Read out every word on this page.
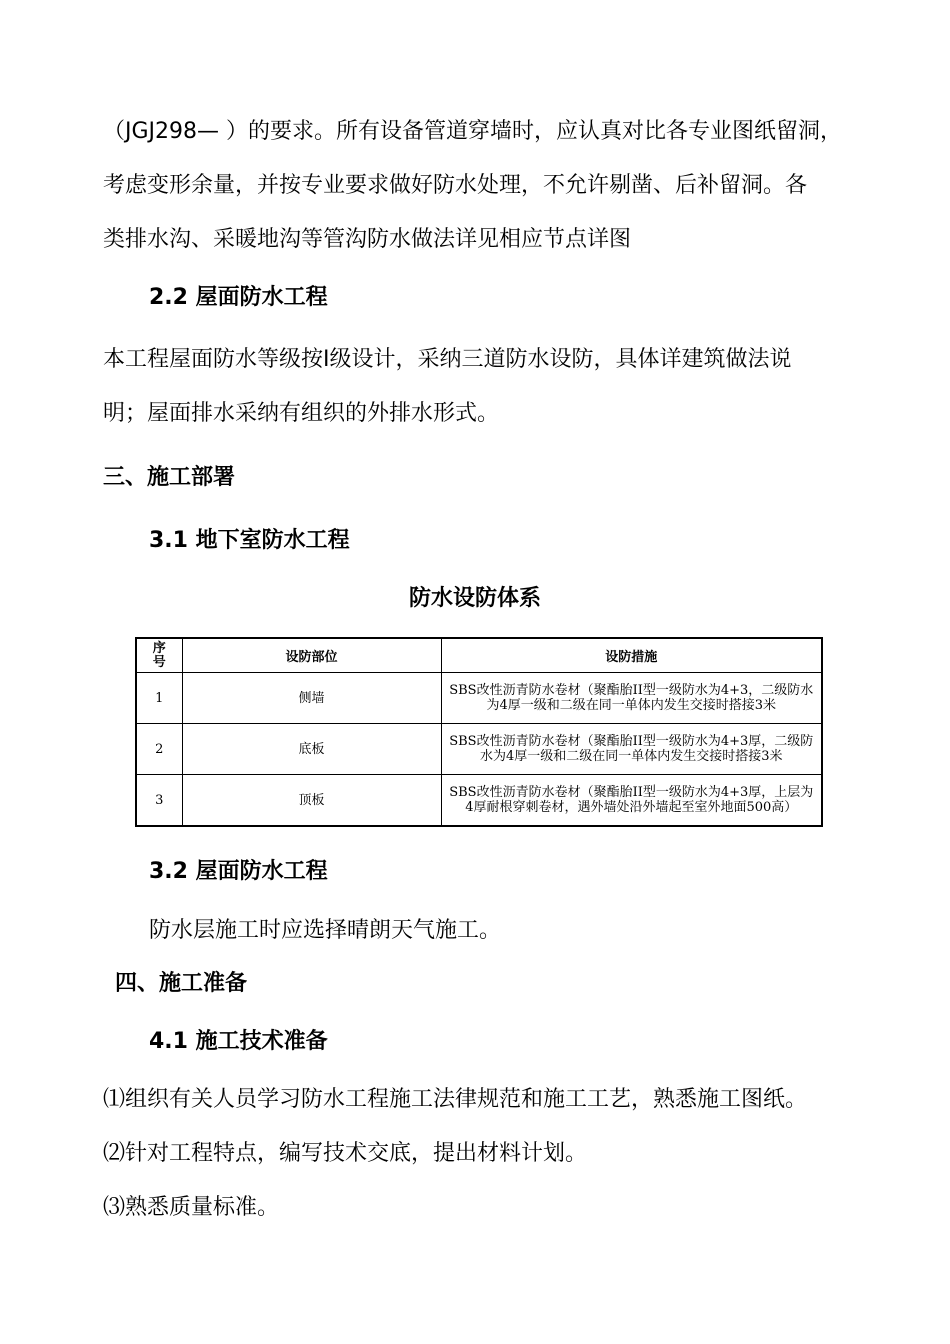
（JGJ298— ）的要求。所有设备管道穿墙时，应认真对比各专业图纸留洞，
考虑变形余量，并按专业要求做好防水处理，不允许剔凿、后补留洞。各
类排水沟、采暖地沟等管沟防水做法详见相应节点详图
2.2 屋面防水工程
本工程屋面防水等级按Ⅰ级设计，采纳三道防水设防，具体详建筑做法说
明；屋面排水采纳有组织的外排水形式。
三、施工部署
3.1 地下室防水工程
防水设防体系
序号	设防部位	设防措施
1	侧墙	SBS改性沥青防水卷材（聚酯胎II型一级防水为4+3，二级防水为4厚一级和二级在同一单体内发生交接时搭接3米
2	底板	SBS改性沥青防水卷材（聚酯胎II型一级防水为4+3厚，二级防水为4厚一级和二级在同一单体内发生交接时搭接3米
3	顶板	SBS改性沥青防水卷材（聚酯胎II型一级防水为4+3厚，上层为4厚耐根穿刺卷材，遇外墙处沿外墙起至室外地面500高）
3.2 屋面防水工程
防水层施工时应选择晴朗天气施工。
四、施工准备
4.1 施工技术准备
⑴组织有关人员学习防水工程施工法律规范和施工工艺，熟悉施工图纸。
⑵针对工程特点，编写技术交底，提出材料计划。
⑶熟悉质量标准。
